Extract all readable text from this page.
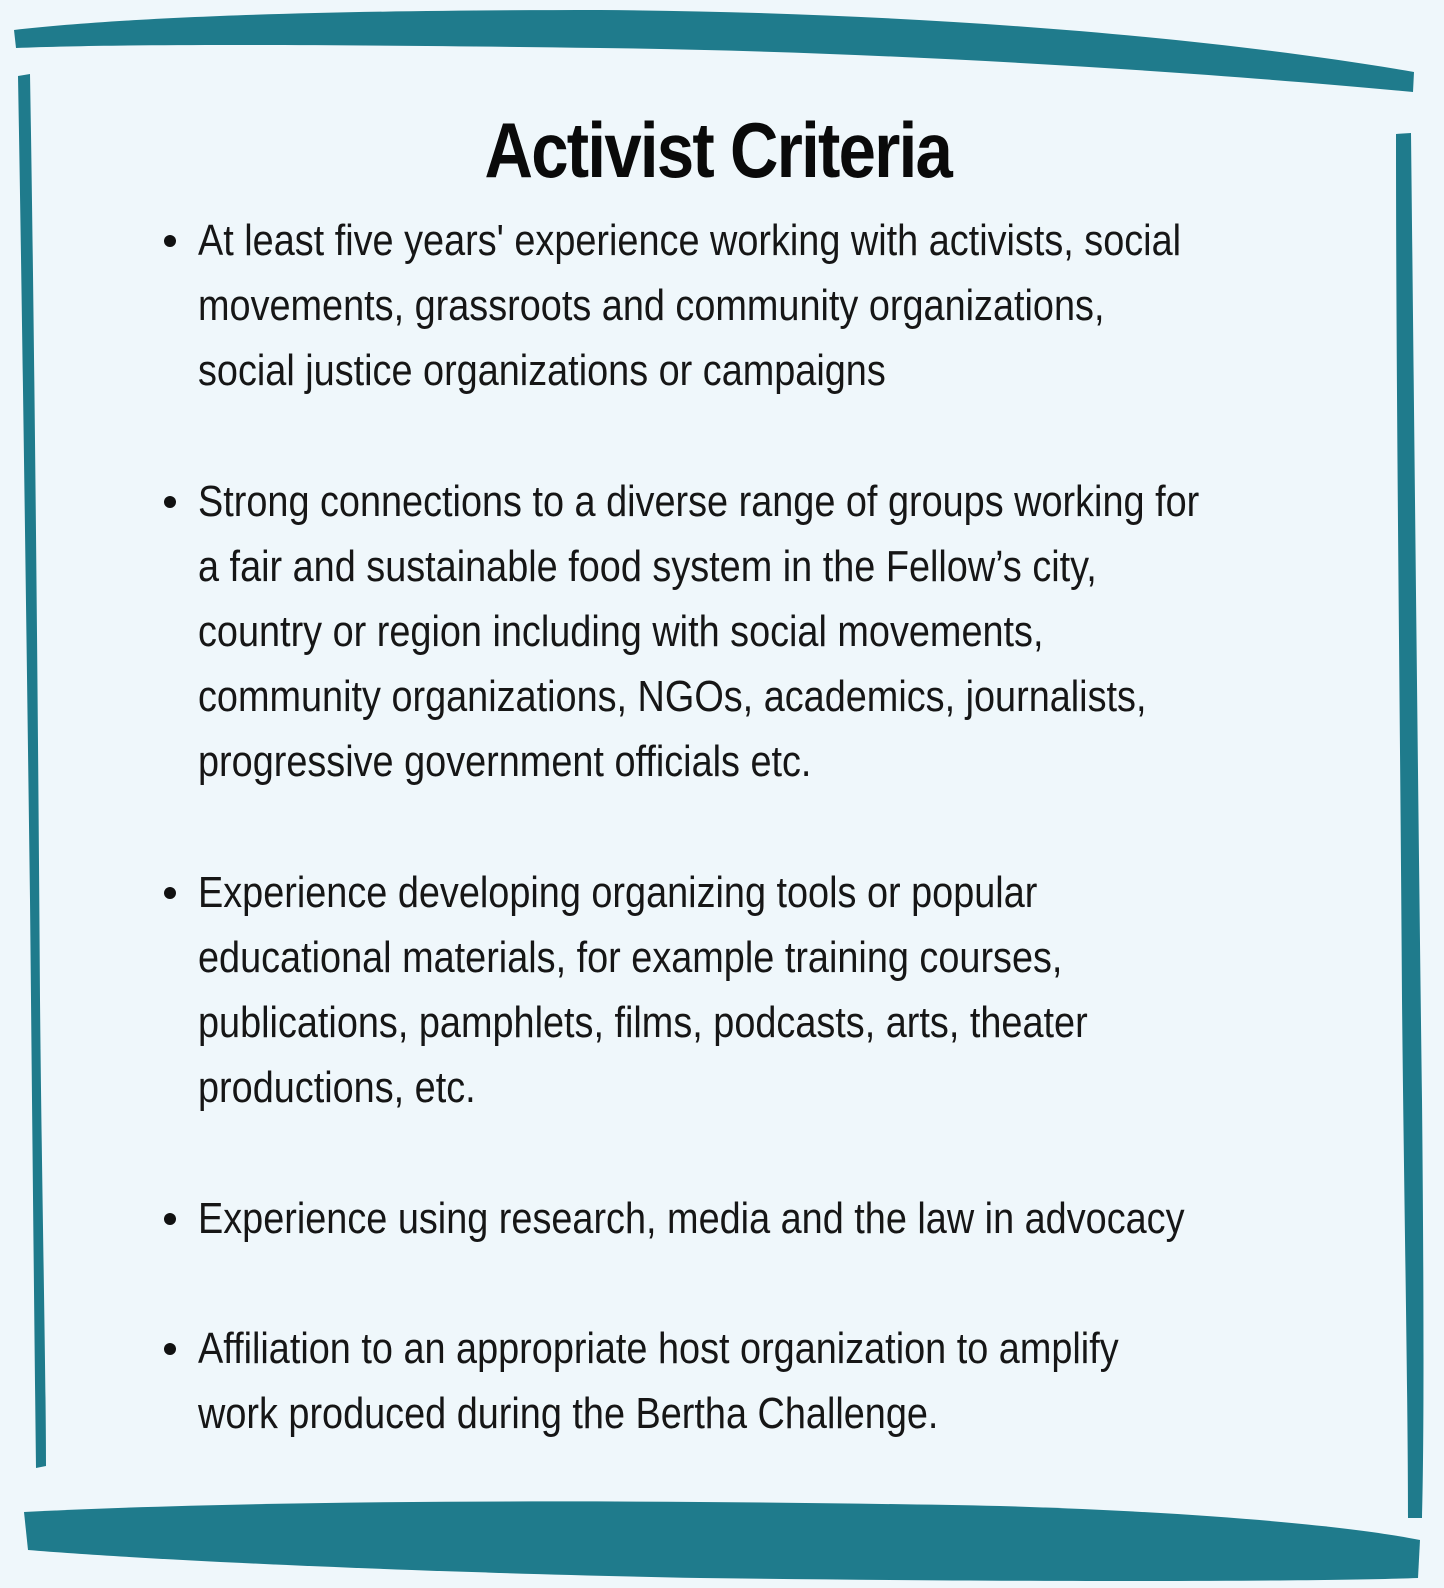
Activist Criteria
At least five years' experience working with activists, social
movements, grassroots and community organizations,
social justice organizations or campaigns
Strong connections to a diverse range of groups working for
a fair and sustainable food system in the Fellow’s city,
country or region including with social movements,
community organizations, NGOs, academics, journalists,
progressive government officials etc.
Experience developing organizing tools or popular
educational materials, for example training courses,
publications, pamphlets, films, podcasts, arts, theater
productions, etc.
Experience using research, media and the law in advocacy
Affiliation to an appropriate host organization to amplify
work produced during the Bertha Challenge.
